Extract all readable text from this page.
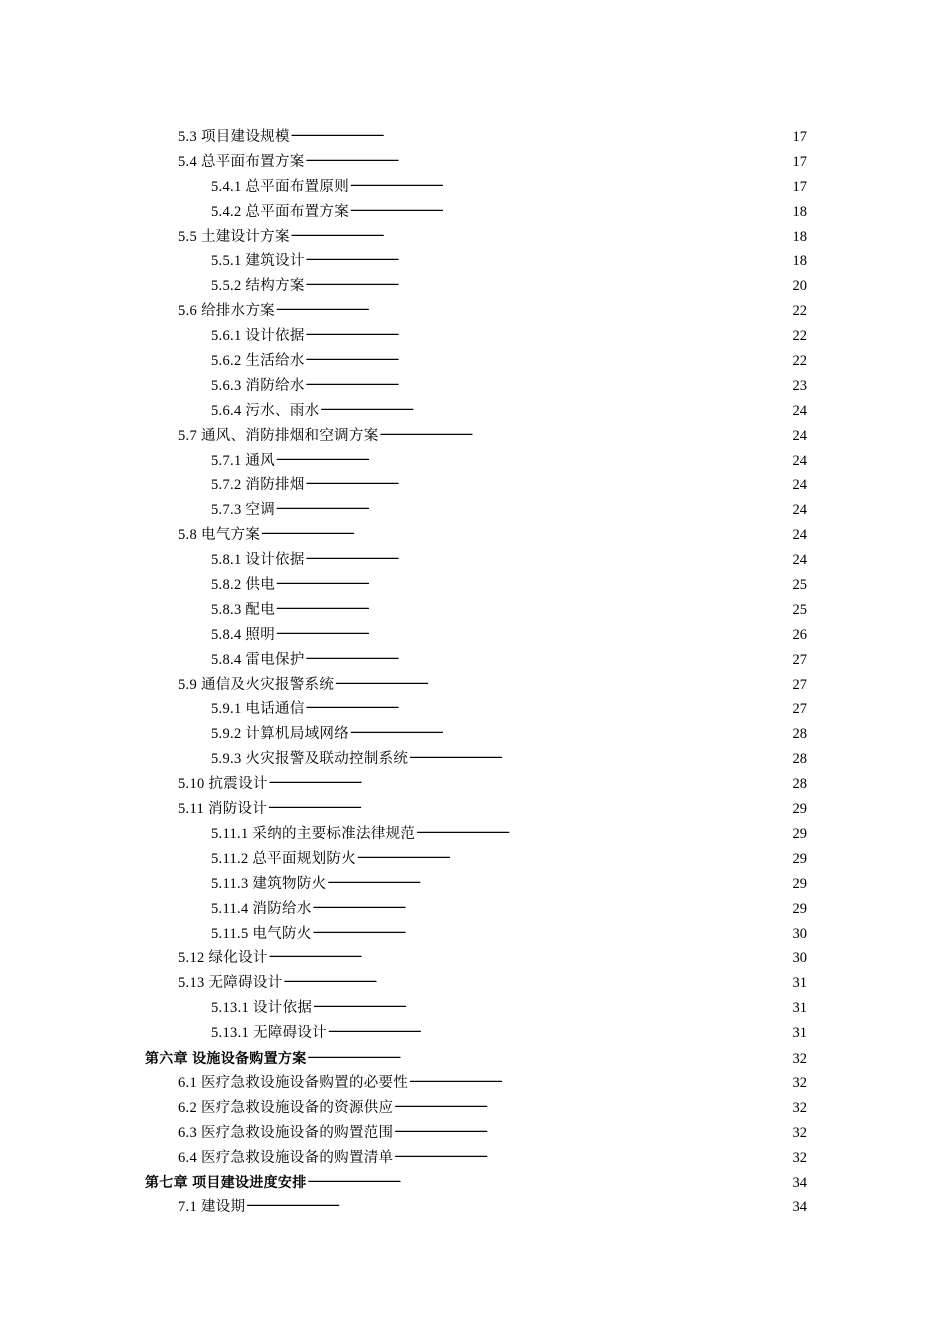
5.3 项目建设规模 . . .	17
5.4 总平面布置方案 . . .	17
5.4.1 总平面布置原则 . . .	17
5.4.2 总平面布置方案 . . .	18
5.5 土建设计方案 . . .	18
5.5.1 建筑设计 . . .	18
5.5.2 结构方案 . . .	20
5.6 给排水方案 . . .	22
5.6.1 设计依据 . . .	22
5.6.2 生活给水 . . .	22
5.6.3 消防给水 . . .	23
5.6.4 污水、雨水 . . .	24
5.7 通风、消防排烟和空调方案 . . .	24
5.7.1 通风 . . .	24
5.7.2 消防排烟 . . .	24
5.7.3 空调 . . .	24
5.8 电气方案 . . .	24
5.8.1 设计依据 . . .	24
5.8.2 供电 . . .	25
5.8.3 配电 . . .	25
5.8.4 照明 . . .	26
5.8.4 雷电保护 . . .	27
5.9 通信及火灾报警系统 . . .	27
5.9.1 电话通信 . . .	27
5.9.2 计算机局域网络 . . .	28
5.9.3 火灾报警及联动控制系统 . . .	28
5.10 抗震设计 . . .	28
5.11 消防设计 . . .	29
5.11.1 采纳的主要标准法律规范 . . .	29
5.11.2 总平面规划防火 . . .	29
5.11.3 建筑物防火 . . .	29
5.11.4 消防给水 . . .	29
5.11.5 电气防火 . . .	30
5.12 绿化设计 . . .	30
5.13 无障碍设计 . . .	31
5.13.1 设计依据 . . .	31
5.13.1 无障碍设计 . . .	31
第六章 设施设备购置方案 . . .	32
6.1 医疗急救设施设备购置的必要性 . . .	32
6.2 医疗急救设施设备的资源供应 . . .	32
6.3 医疗急救设施设备的购置范围 . . .	32
6.4 医疗急救设施设备的购置清单 . . .	32
第七章 项目建设进度安排 . . .	34
7.1 建设期 . . .	34
